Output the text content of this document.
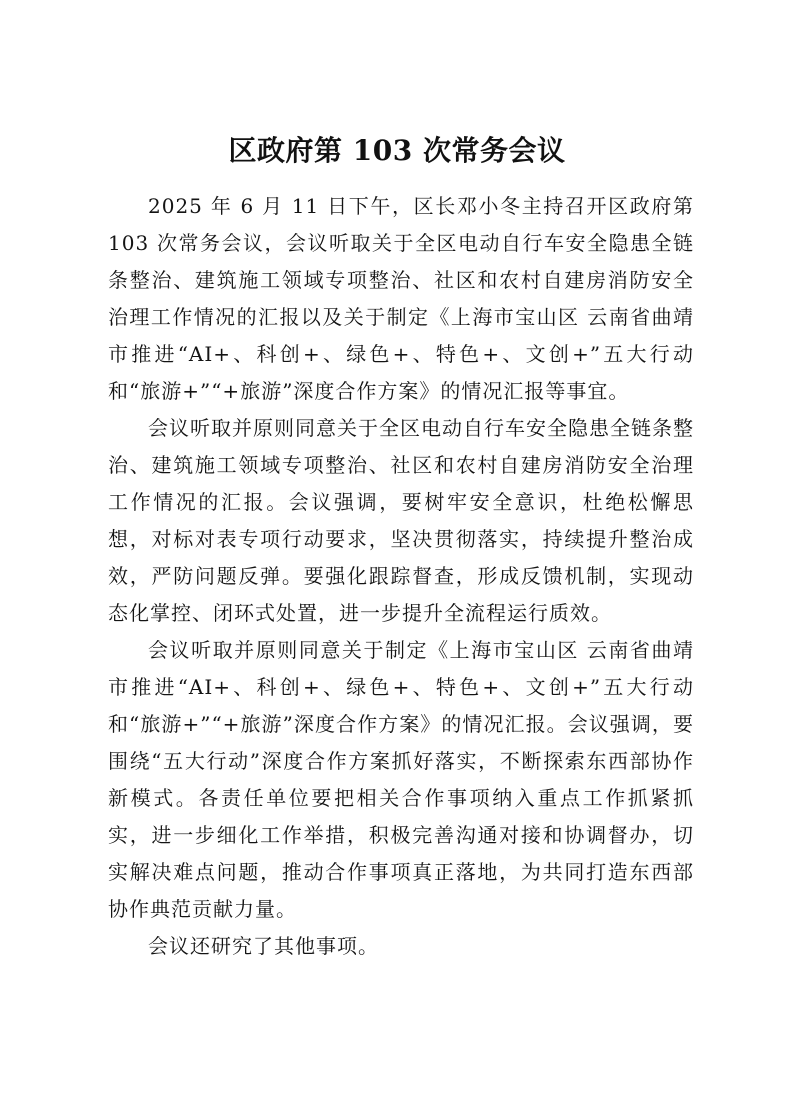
区政府第 103 次常务会议

2025 年 6 月 11 日下午，区长邓小冬主持召开区政府第 103 次常务会议，会议听取关于全区电动自行车安全隐患全链条整治、建筑施工领域专项整治、社区和农村自建房消防安全治理工作情况的汇报以及关于制定《上海市宝山区 云南省曲靖市推进“AI+、科创+、绿色+、特色+、文创+”五大行动和“旅游+”“+旅游”深度合作方案》的情况汇报等事宜。

会议听取并原则同意关于全区电动自行车安全隐患全链条整治、建筑施工领域专项整治、社区和农村自建房消防安全治理工作情况的汇报。会议强调，要树牢安全意识，杜绝松懈思想，对标对表专项行动要求，坚决贯彻落实，持续提升整治成效，严防问题反弹。要强化跟踪督查，形成反馈机制，实现动态化掌控、闭环式处置，进一步提升全流程运行质效。

会议听取并原则同意关于制定《上海市宝山区 云南省曲靖市推进“AI+、科创+、绿色+、特色+、文创+”五大行动和“旅游+”“+旅游”深度合作方案》的情况汇报。会议强调，要围绕“五大行动”深度合作方案抓好落实，不断探索东西部协作新模式。各责任单位要把相关合作事项纳入重点工作抓紧抓实，进一步细化工作举措，积极完善沟通对接和协调督办，切实解决难点问题，推动合作事项真正落地，为共同打造东西部协作典范贡献力量。

会议还研究了其他事项。
